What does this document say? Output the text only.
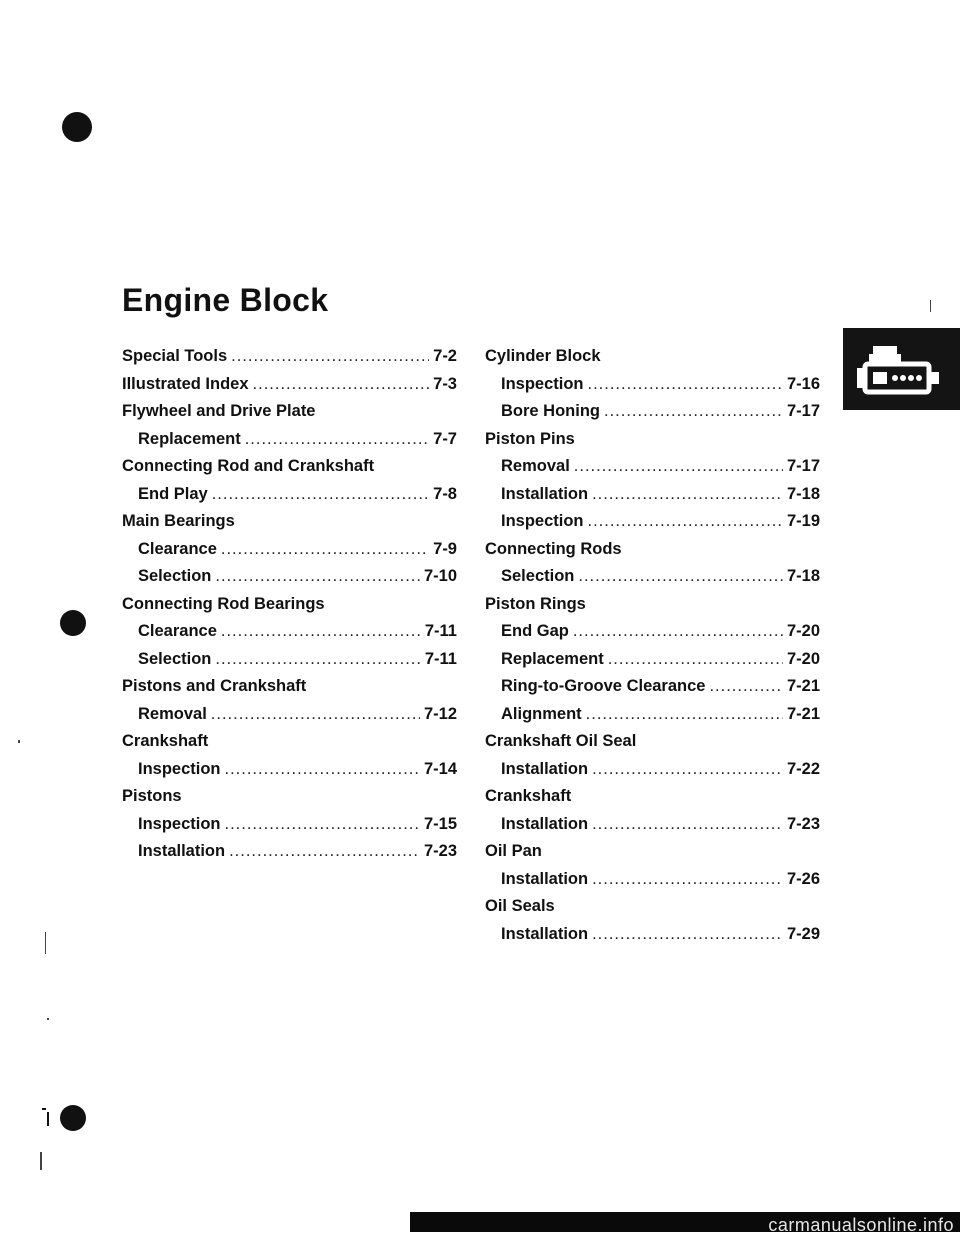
Engine Block
Special Tools .....	7-2
Illustrated Index .....	7-3
Flywheel and Drive Plate
Replacement .....	7-7
Connecting Rod and Crankshaft
End Play .....	7-8
Main Bearings
Clearance .....	7-9
Selection .....	7-10
Connecting Rod Bearings
Clearance .....	7-11
Selection .....	7-11
Pistons and Crankshaft
Removal .....	7-12
Crankshaft
Inspection .....	7-14
Pistons
Inspection .....	7-15
Installation .....	7-23
Cylinder Block
Inspection .....	7-16
Bore Honing .....	7-17
Piston Pins
Removal .....	7-17
Installation .....	7-18
Inspection .....	7-19
Connecting Rods
Selection .....	7-18
Piston Rings
End Gap .....	7-20
Replacement .....	7-20
Ring-to-Groove Clearance .....	7-21
Alignment .....	7-21
Crankshaft Oil Seal
Installation .....	7-22
Crankshaft
Installation .....	7-23
Oil Pan
Installation .....	7-26
Oil Seals
Installation .....	7-29
carmanualsonline.info
